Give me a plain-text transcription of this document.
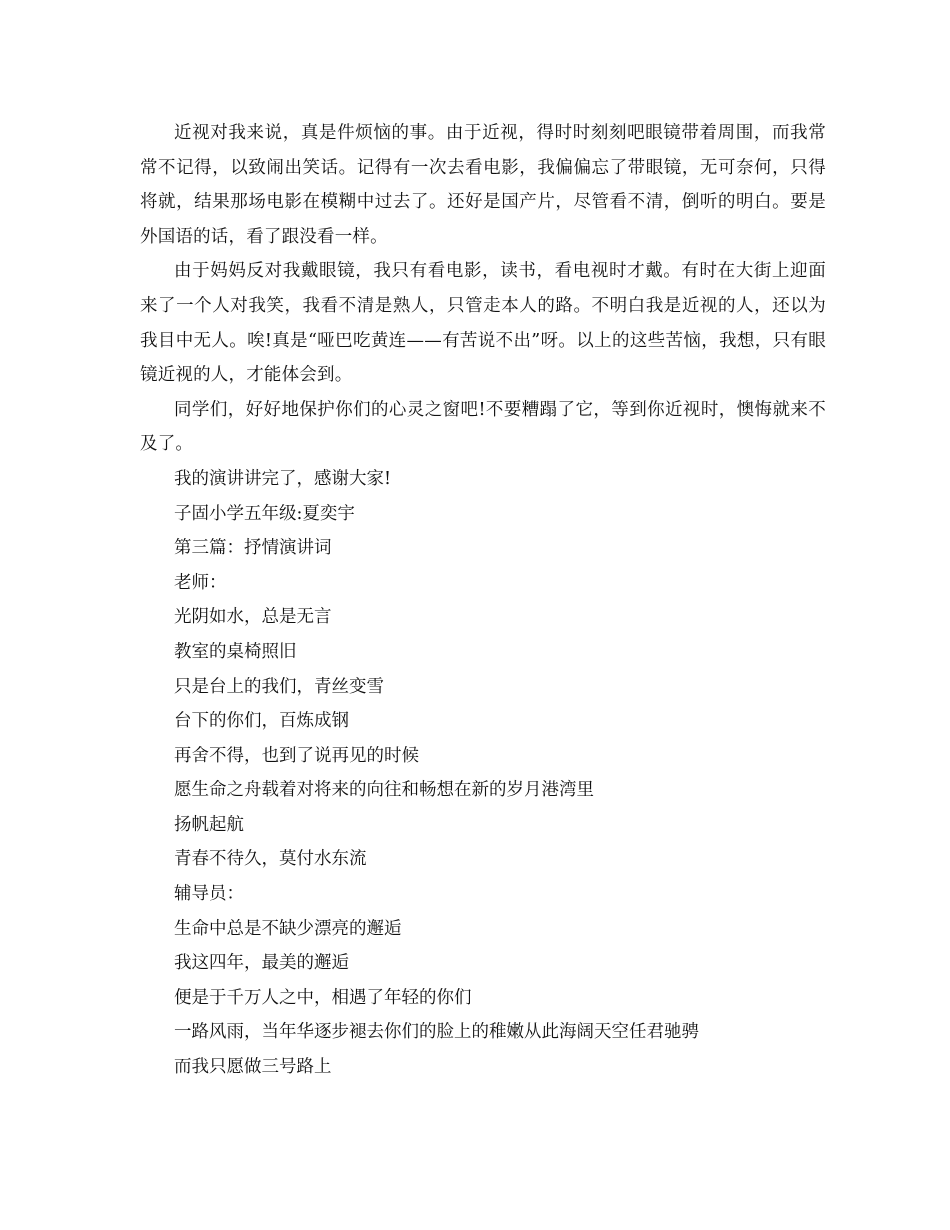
近视对我来说，真是件烦恼的事。由于近视，得时时刻刻吧眼镜带着周围，而我常常不记得，以致闹出笑话。记得有一次去看电影，我偏偏忘了带眼镜，无可奈何，只得将就，结果那场电影在模糊中过去了。还好是国产片，尽管看不清，倒听的明白。要是外国语的话，看了跟没看一样。

由于妈妈反对我戴眼镜，我只有看电影，读书，看电视时才戴。有时在大街上迎面来了一个人对我笑，我看不清是熟人，只管走本人的路。不明白我是近视的人，还以为我目中无人。唉!真是“哑巴吃黄连——有苦说不出”呀。以上的这些苦恼，我想，只有眼镜近视的人，才能体会到。

同学们，好好地保护你们的心灵之窗吧!不要糟蹋了它，等到你近视时，懊悔就来不及了。

我的演讲讲完了，感谢大家!

子固小学五年级:夏奕宇

第三篇：抒情演讲词

老师：

光阴如水，总是无言

教室的桌椅照旧

只是台上的我们，青丝变雪

台下的你们，百炼成钢

再舍不得，也到了说再见的时候

愿生命之舟载着对将来的向往和畅想在新的岁月港湾里

扬帆起航

青春不待久，莫付水东流

辅导员：

生命中总是不缺少漂亮的邂逅

我这四年，最美的邂逅

便是于千万人之中，相遇了年轻的你们

一路风雨，当年华逐步褪去你们的脸上的稚嫩从此海阔天空任君驰骋

而我只愿做三号路上
